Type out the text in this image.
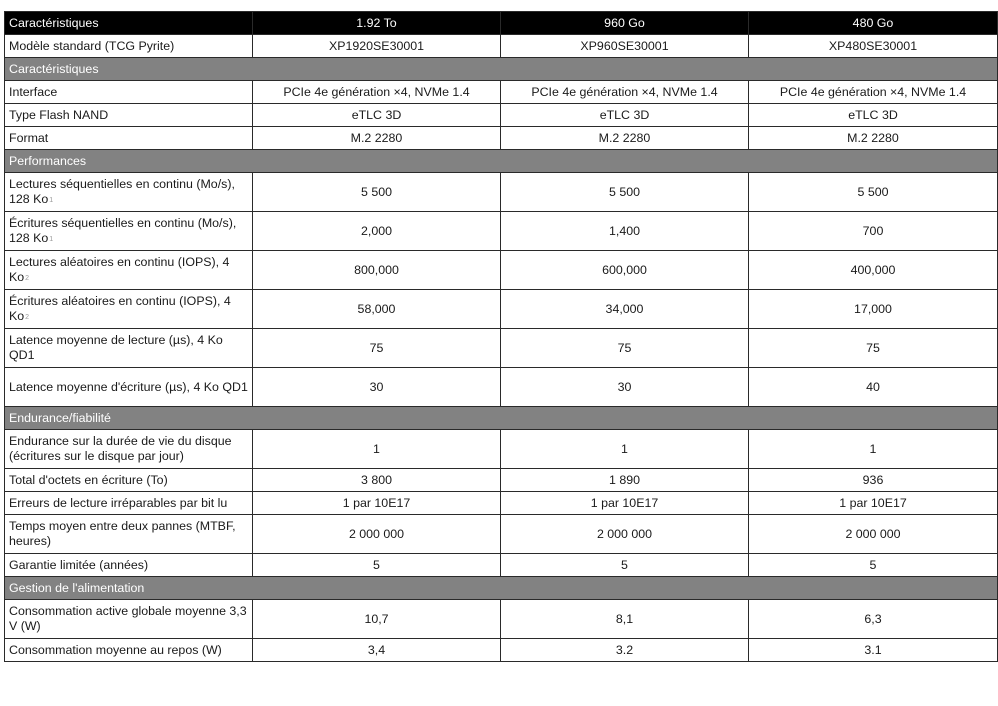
Caractéristiques	1.92 To	960 Go	480 Go
Modèle standard (TCG Pyrite)	XP1920SE30001	XP960SE30001	XP480SE30001
Caractéristiques			
Interface	PCIe 4e génération ×4, NVMe 1.4	PCIe 4e génération ×4, NVMe 1.4	PCIe 4e génération ×4, NVMe 1.4
Type Flash NAND	eTLC 3D	eTLC 3D	eTLC 3D
Format	M.2 2280	M.2 2280	M.2 2280
Performances			
Lectures séquentielles en continu (Mo/s), 128 Ko$^1$	5 500	5 500	5 500
Écritures séquentielles en continu (Mo/s), 128 Ko$^1$	2,000	1,400	700
Lectures aléatoires en continu (IOPS), 4 Ko$^2$	800,000	600,000	400,000
Écritures aléatoires en continu (IOPS), 4 Ko$^2$	58,000	34,000	17,000
Latence moyenne de lecture (µs), 4 Ko QD1	75	75	75
Latence moyenne d'écriture (µs), 4 Ko QD1	30	30	40
Endurance/fiabilité			
Endurance sur la durée de vie du disque (écritures sur le disque par jour)	1	1	1
Total d'octets en écriture (To)	3 800	1 890	936
Erreurs de lecture irréparables par bit lu	1 par 10E17	1 par 10E17	1 par 10E17
Temps moyen entre deux pannes (MTBF, heures)	2 000 000	2 000 000	2 000 000
Garantie limitée (années)	5	5	5
Gestion de l'alimentation			
Consommation active globale moyenne 3,3 V (W)	10,7	8,1	6,3
Consommation moyenne au repos (W)	3,4	3.2	3.1
